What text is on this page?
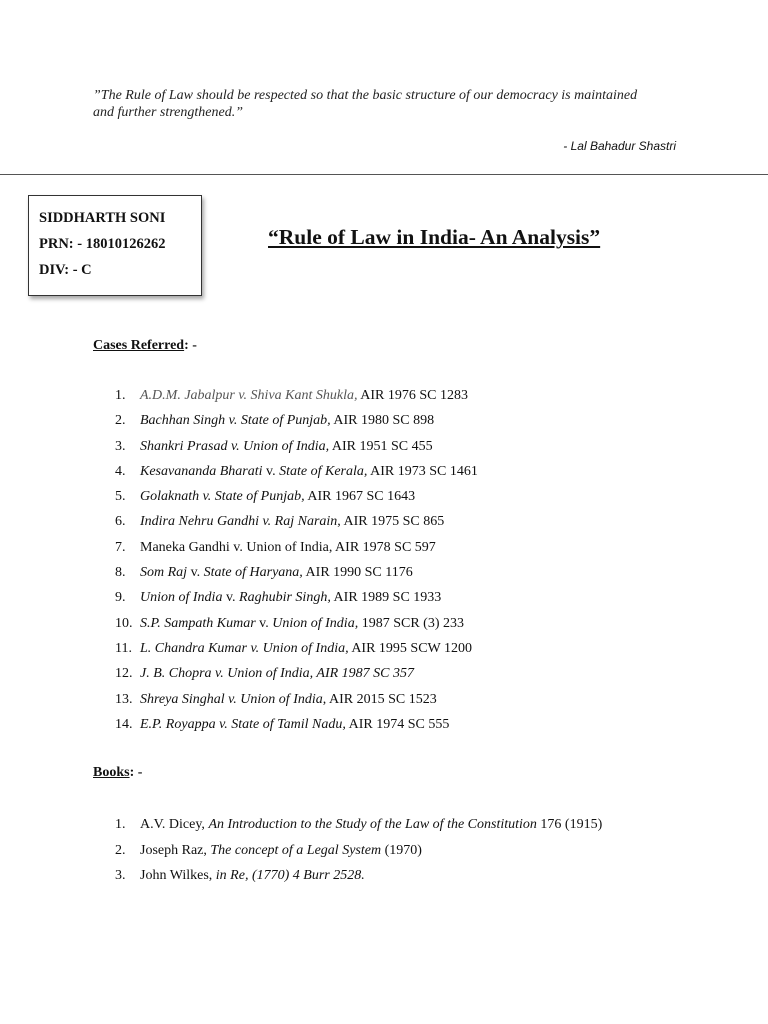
”The Rule of Law should be respected so that the basic structure of our democracy is maintained and further strengthened.”
- Lal Bahadur Shastri
SIDDHARTH SONI
PRN: - 18010126262
DIV: - C
“Rule of Law in India- An Analysis”
Cases Referred: -
1. A.D.M. Jabalpur v. Shiva Kant Shukla, AIR 1976 SC 1283
2. Bachhan Singh v. State of Punjab, AIR 1980 SC 898
3. Shankri Prasad v. Union of India, AIR 1951 SC 455
4. Kesavananda Bharati v. State of Kerala, AIR 1973 SC 1461
5. Golaknath v. State of Punjab, AIR 1967 SC 1643
6. Indira Nehru Gandhi v. Raj Narain, AIR 1975 SC 865
7. Maneka Gandhi v. Union of India, AIR 1978 SC 597
8. Som Raj v. State of Haryana, AIR 1990 SC 1176
9. Union of India v. Raghubir Singh, AIR 1989 SC 1933
10. S.P. Sampath Kumar v. Union of India, 1987 SCR (3) 233
11. L. Chandra Kumar v. Union of India, AIR 1995 SCW 1200
12. J. B. Chopra v. Union of India, AIR 1987 SC 357
13. Shreya Singhal v. Union of India, AIR 2015 SC 1523
14. E.P. Royappa v. State of Tamil Nadu, AIR 1974 SC 555
Books: -
1. A.V. Dicey, An Introduction to the Study of the Law of the Constitution 176 (1915)
2. Joseph Raz, The concept of a Legal System (1970)
3. John Wilkes, in Re, (1770) 4 Burr 2528.
